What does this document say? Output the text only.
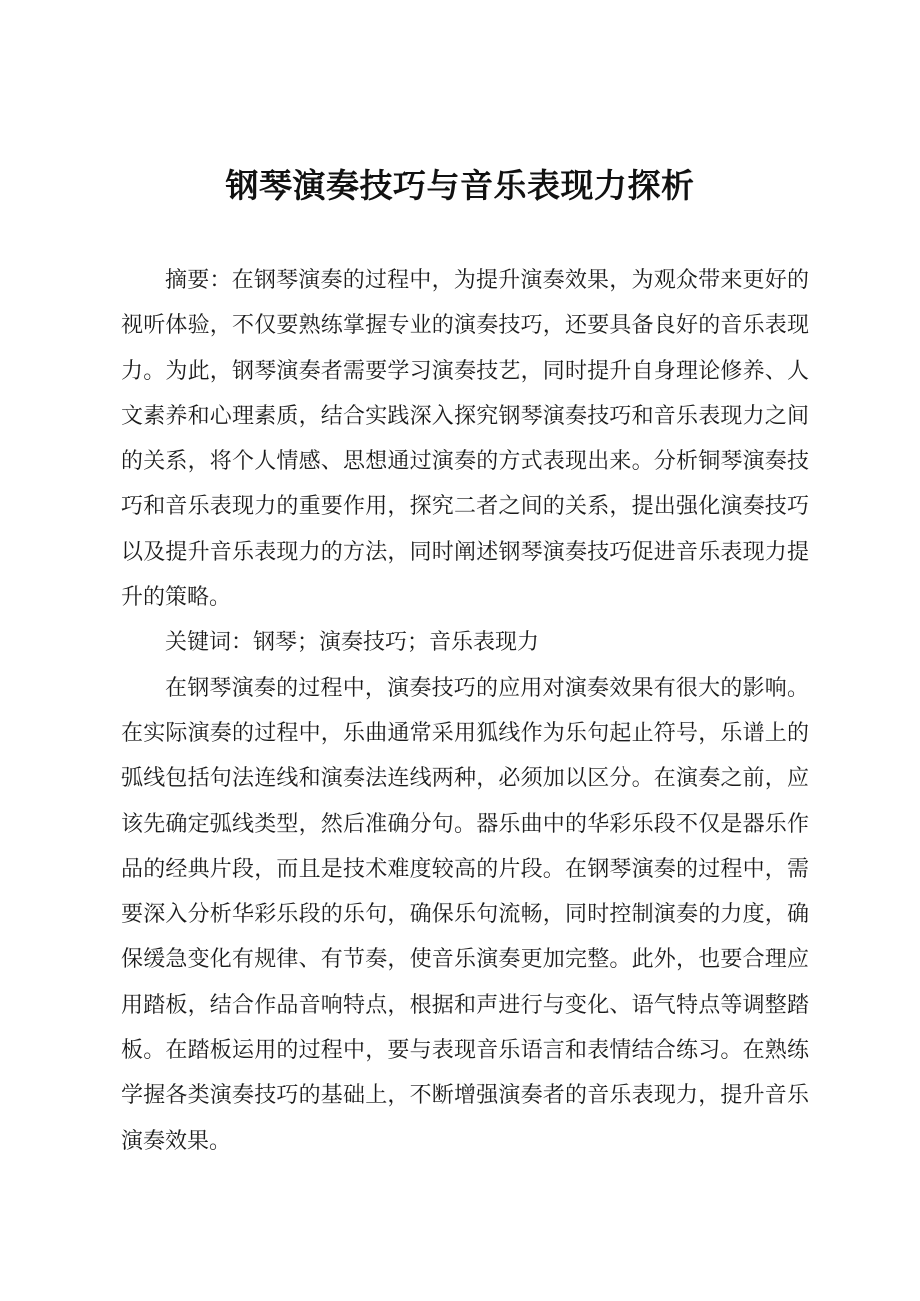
钢琴演奏技巧与音乐表现力探析

摘要：在钢琴演奏的过程中，为提升演奏效果，为观众带来更好的视听体验，不仅要熟练掌握专业的演奏技巧，还要具备良好的音乐表现力。为此，钢琴演奏者需要学习演奏技艺，同时提升自身理论修养、人文素养和心理素质，结合实践深入探究钢琴演奏技巧和音乐表现力之间的关系，将个人情感、思想通过演奏的方式表现出来。分析铜琴演奏技巧和音乐表现力的重要作用，探究二者之间的关系，提出强化演奏技巧以及提升音乐表现力的方法，同时阐述钢琴演奏技巧促进音乐表现力提升的策略。

关键词：钢琴；演奏技巧；音乐表现力

在钢琴演奏的过程中，演奏技巧的应用对演奏效果有很大的影响。在实际演奏的过程中，乐曲通常采用狐线作为乐句起止符号，乐谱上的弧线包括句法连线和演奏法连线两种，必须加以区分。在演奏之前，应该先确定弧线类型，然后准确分句。器乐曲中的华彩乐段不仅是器乐作品的经典片段，而且是技术难度较高的片段。在钢琴演奏的过程中，需要深入分析华彩乐段的乐句，确保乐句流畅，同时控制演奏的力度，确保缓急变化有规律、有节奏，使音乐演奏更加完整。此外，也要合理应用踏板，结合作品音响特点，根据和声进行与变化、语气特点等调整踏板。在踏板运用的过程中，要与表现音乐语言和表情结合练习。在熟练学握各类演奏技巧的基础上，不断增强演奏者的音乐表现力，提升音乐演奏效果。
